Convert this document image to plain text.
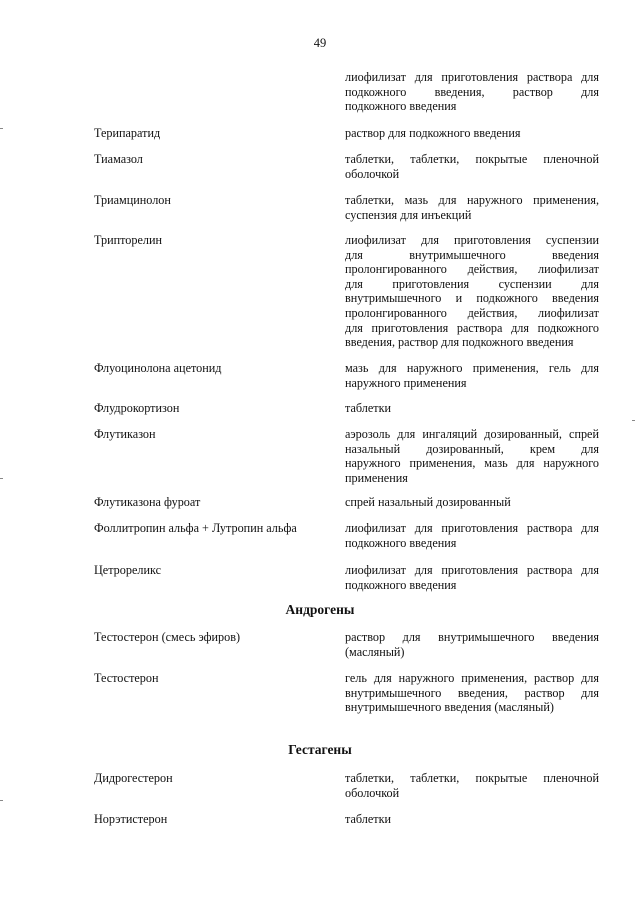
49
лиофилизат для приготовления раствора для
подкожного введения, раствор для
подкожного введения
Терипаратид	раствор для подкожного введения
Тиамазол	таблетки, таблетки, покрытые пленочной
оболочкой
Триамцинолон	таблетки, мазь для наружного применения,
суспензия для инъекций
Трипторелин	лиофилизат для приготовления суспензии
для внутримышечного введения
пролонгированного действия, лиофилизат
для приготовления суспензии для
внутримышечного и подкожного введения
пролонгированного действия, лиофилизат
для приготовления раствора для подкожного
введения, раствор для подкожного введения
Флуоцинолона ацетонид	мазь для наружного применения, гель для
наружного применения
Флудрокортизон	таблетки
Флутиказон	аэрозоль для ингаляций дозированный, спрей
назальный дозированный, крем для
наружного применения, мазь для наружного
применения
Флутиказона фуроат	спрей назальный дозированный
Фоллитропин альфа + Лутропин альфа	лиофилизат для приготовления раствора для
подкожного введения
Цетрореликс	лиофилизат для приготовления раствора для
подкожного введения
Андрогены
Тестостерон (смесь эфиров)	раствор для внутримышечного введения
(масляный)
Тестостерон	гель для наружного применения, раствор для
внутримышечного введения, раствор для
внутримышечного введения (масляный)
Гестагены
Дидрогестерон	таблетки, таблетки, покрытые пленочной
оболочкой
Норэтистерон	таблетки
